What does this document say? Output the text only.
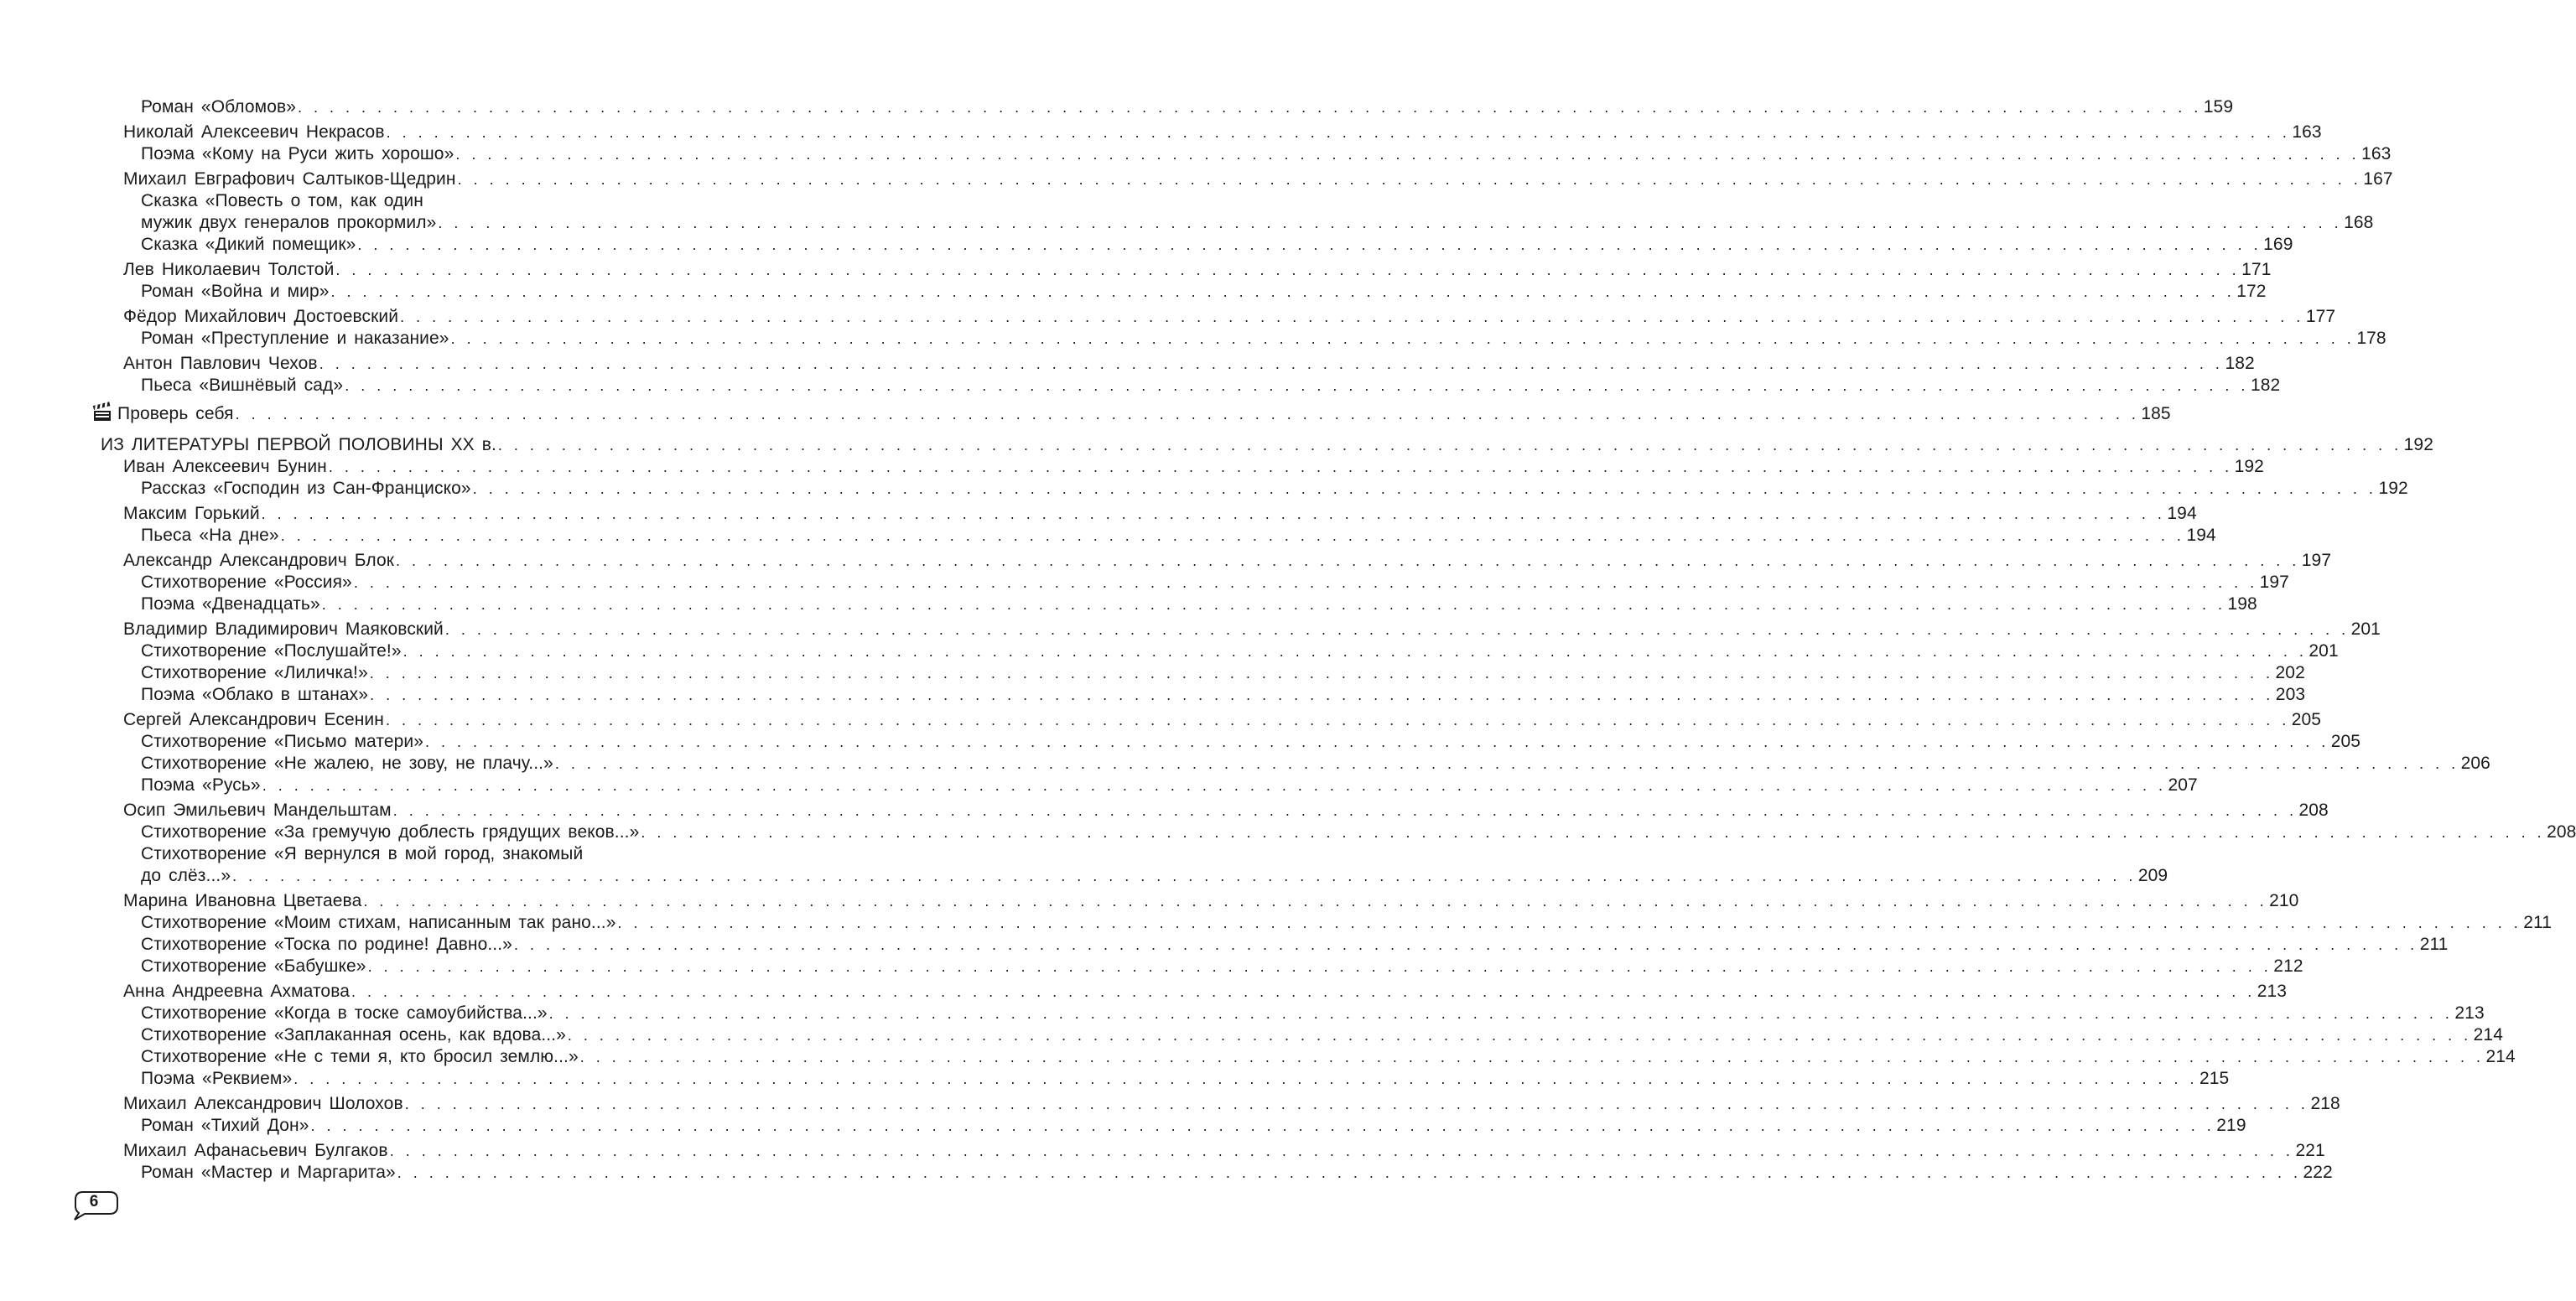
Роман «Обломов» . . . . . . . . . . . . . . . . . . . . . . . . . . . . . . . . . . . . . . . . . . . . . . . . . . . . . . . . . . . . . . . . . . . . . . . . . . . . . . . . . . . . . . . . . . . . . . . . . . . . . . . . . . . . . . . . . . . . . . . . 159
Николай Алексеевич Некрасов . . . . . . . . . . . . . . . . . . . . . . . . . . . . . . . . . . . . . . . . . . . . . . . . . . . . . . . . . . . . . . . . . . . . . . . . . . . . . . . . . . . . . . . . . . . . . . . . . . . . . . . . . . . . . . . . . . . . . . . . 163
Поэма «Кому на Руси жить хорошо» . . . . . . . . . . . . . . . . . . . . . . . . . . . . . . . . . . . . . . . . . . . . . . . . . . . . . . . . . . . . . . . . . . . . . . . . . . . . . . . . . . . . . . . . . . . . . . . . . . . . . . . . . . . . . . . . . . . . . . . . 163
Михаил Евграфович Салтыков-Щедрин . . . . . . . . . . . . . . . . . . . . . . . . . . . . . . . . . . . . . . . . . . . . . . . . . . . . . . . . . . . . . . . . . . . . . . . . . . . . . . . . . . . . . . . . . . . . . . . . . . . . . . . . . . . . . . . . . . . . . . . . 167
Сказка «Повесть о том, как один
мужик двух генералов прокормил» . . . . . . . . . . . . . . . . . . . . . . . . . . . . . . . . . . . . . . . . . . . . . . . . . . . . . . . . . . . . . . . . . . . . . . . . . . . . . . . . . . . . . . . . . . . . . . . . . . . . . . . . . . . . . . . . . . . . . . . . 168
Сказка «Дикий помещик» . . . . . . . . . . . . . . . . . . . . . . . . . . . . . . . . . . . . . . . . . . . . . . . . . . . . . . . . . . . . . . . . . . . . . . . . . . . . . . . . . . . . . . . . . . . . . . . . . . . . . . . . . . . . . . . . . . . . . . . . 169
Лев Николаевич Толстой . . . . . . . . . . . . . . . . . . . . . . . . . . . . . . . . . . . . . . . . . . . . . . . . . . . . . . . . . . . . . . . . . . . . . . . . . . . . . . . . . . . . . . . . . . . . . . . . . . . . . . . . . . . . . . . . . . . . . . . . 171
Роман «Война и мир» . . . . . . . . . . . . . . . . . . . . . . . . . . . . . . . . . . . . . . . . . . . . . . . . . . . . . . . . . . . . . . . . . . . . . . . . . . . . . . . . . . . . . . . . . . . . . . . . . . . . . . . . . . . . . . . . . . . . . . . . 172
Фёдор Михайлович Достоевский . . . . . . . . . . . . . . . . . . . . . . . . . . . . . . . . . . . . . . . . . . . . . . . . . . . . . . . . . . . . . . . . . . . . . . . . . . . . . . . . . . . . . . . . . . . . . . . . . . . . . . . . . . . . . . . . . . . . . . . . 177
Роман «Преступление и наказание» . . . . . . . . . . . . . . . . . . . . . . . . . . . . . . . . . . . . . . . . . . . . . . . . . . . . . . . . . . . . . . . . . . . . . . . . . . . . . . . . . . . . . . . . . . . . . . . . . . . . . . . . . . . . . . . . . . . . . . . . 178
Антон Павлович Чехов . . . . . . . . . . . . . . . . . . . . . . . . . . . . . . . . . . . . . . . . . . . . . . . . . . . . . . . . . . . . . . . . . . . . . . . . . . . . . . . . . . . . . . . . . . . . . . . . . . . . . . . . . . . . . . . . . . . . . . . . 182
Пьеса «Вишнёвый сад» . . . . . . . . . . . . . . . . . . . . . . . . . . . . . . . . . . . . . . . . . . . . . . . . . . . . . . . . . . . . . . . . . . . . . . . . . . . . . . . . . . . . . . . . . . . . . . . . . . . . . . . . . . . . . . . . . . . . . . . . 182
Проверь себя . . . . . . . . . . . . . . . . . . . . . . . . . . . . . . . . . . . . . . . . . . . . . . . . . . . . . . . . . . . . . . . . . . . . . . . . . . . . . . . . . . . . . . . . . . . . . . . . . . . . . . . . . . . . . . . . . . . . . . . . 185
ИЗ ЛИТЕРАТУРЫ ПЕРВОЙ ПОЛОВИНЫ XX в. . . . . . . . . . . . . . . . . . . . . . . . . . . . . . . . . . . . . . . . . . . . . . . . . . . . . . . . . . . . . . . . . . . . . . . . . . . . . . . . . . . . . . . . . . . . . . . . . . . . . . . . . . . . . . . . . . . . . . . . . 192
Иван Алексеевич Бунин . . . . . . . . . . . . . . . . . . . . . . . . . . . . . . . . . . . . . . . . . . . . . . . . . . . . . . . . . . . . . . . . . . . . . . . . . . . . . . . . . . . . . . . . . . . . . . . . . . . . . . . . . . . . . . . . . . . . . . . . 192
Рассказ «Господин из Сан-Франциско» . . . . . . . . . . . . . . . . . . . . . . . . . . . . . . . . . . . . . . . . . . . . . . . . . . . . . . . . . . . . . . . . . . . . . . . . . . . . . . . . . . . . . . . . . . . . . . . . . . . . . . . . . . . . . . . . . . . . . . . . 192
Максим Горький . . . . . . . . . . . . . . . . . . . . . . . . . . . . . . . . . . . . . . . . . . . . . . . . . . . . . . . . . . . . . . . . . . . . . . . . . . . . . . . . . . . . . . . . . . . . . . . . . . . . . . . . . . . . . . . . . . . . . . . . 194
Пьеса «На дне» . . . . . . . . . . . . . . . . . . . . . . . . . . . . . . . . . . . . . . . . . . . . . . . . . . . . . . . . . . . . . . . . . . . . . . . . . . . . . . . . . . . . . . . . . . . . . . . . . . . . . . . . . . . . . . . . . . . . . . . . 194
Александр Александрович Блок . . . . . . . . . . . . . . . . . . . . . . . . . . . . . . . . . . . . . . . . . . . . . . . . . . . . . . . . . . . . . . . . . . . . . . . . . . . . . . . . . . . . . . . . . . . . . . . . . . . . . . . . . . . . . . . . . . . . . . . . 197
Стихотворение «Россия» . . . . . . . . . . . . . . . . . . . . . . . . . . . . . . . . . . . . . . . . . . . . . . . . . . . . . . . . . . . . . . . . . . . . . . . . . . . . . . . . . . . . . . . . . . . . . . . . . . . . . . . . . . . . . . . . . . . . . . . . 197
Поэма «Двенадцать» . . . . . . . . . . . . . . . . . . . . . . . . . . . . . . . . . . . . . . . . . . . . . . . . . . . . . . . . . . . . . . . . . . . . . . . . . . . . . . . . . . . . . . . . . . . . . . . . . . . . . . . . . . . . . . . . . . . . . . . . 198
Владимир Владимирович Маяковский . . . . . . . . . . . . . . . . . . . . . . . . . . . . . . . . . . . . . . . . . . . . . . . . . . . . . . . . . . . . . . . . . . . . . . . . . . . . . . . . . . . . . . . . . . . . . . . . . . . . . . . . . . . . . . . . . . . . . . . . 201
Стихотворение «Послушайте!» . . . . . . . . . . . . . . . . . . . . . . . . . . . . . . . . . . . . . . . . . . . . . . . . . . . . . . . . . . . . . . . . . . . . . . . . . . . . . . . . . . . . . . . . . . . . . . . . . . . . . . . . . . . . . . . . . . . . . . . . 201
Стихотворение «Лиличка!» . . . . . . . . . . . . . . . . . . . . . . . . . . . . . . . . . . . . . . . . . . . . . . . . . . . . . . . . . . . . . . . . . . . . . . . . . . . . . . . . . . . . . . . . . . . . . . . . . . . . . . . . . . . . . . . . . . . . . . . . 202
Поэма «Облако в штанах» . . . . . . . . . . . . . . . . . . . . . . . . . . . . . . . . . . . . . . . . . . . . . . . . . . . . . . . . . . . . . . . . . . . . . . . . . . . . . . . . . . . . . . . . . . . . . . . . . . . . . . . . . . . . . . . . . . . . . . . . 203
Сергей Александрович Есенин . . . . . . . . . . . . . . . . . . . . . . . . . . . . . . . . . . . . . . . . . . . . . . . . . . . . . . . . . . . . . . . . . . . . . . . . . . . . . . . . . . . . . . . . . . . . . . . . . . . . . . . . . . . . . . . . . . . . . . . . 205
Стихотворение «Письмо матери» . . . . . . . . . . . . . . . . . . . . . . . . . . . . . . . . . . . . . . . . . . . . . . . . . . . . . . . . . . . . . . . . . . . . . . . . . . . . . . . . . . . . . . . . . . . . . . . . . . . . . . . . . . . . . . . . . . . . . . . . 205
Стихотворение «Не жалею, не зову, не плачу...» . . . . . . . . . . . . . . . . . . . . . . . . . . . . . . . . . . . . . . . . . . . . . . . . . . . . . . . . . . . . . . . . . . . . . . . . . . . . . . . . . . . . . . . . . . . . . . . . . . . . . . . . . . . . . . . . . . . . . . . . 206
Поэма «Русь» . . . . . . . . . . . . . . . . . . . . . . . . . . . . . . . . . . . . . . . . . . . . . . . . . . . . . . . . . . . . . . . . . . . . . . . . . . . . . . . . . . . . . . . . . . . . . . . . . . . . . . . . . . . . . . . . . . . . . . . . 207
Осип Эмильевич Мандельштам . . . . . . . . . . . . . . . . . . . . . . . . . . . . . . . . . . . . . . . . . . . . . . . . . . . . . . . . . . . . . . . . . . . . . . . . . . . . . . . . . . . . . . . . . . . . . . . . . . . . . . . . . . . . . . . . . . . . . . . . 208
Стихотворение «За гремучую доблесть грядущих веков...» . . . . . . . . . . . . . . . . . . . . . . . . . . . . . . . . . . . . . . . . . . . . . . . . . . . . . . . . . . . . . . . . . . . . . . . . . . . . . . . . . . . . . . . . . . . . . . . . . . . . . . . . . . . . . . . . . . . . . . . . 208
Стихотворение «Я вернулся в мой город, знакомый
до слёз...» . . . . . . . . . . . . . . . . . . . . . . . . . . . . . . . . . . . . . . . . . . . . . . . . . . . . . . . . . . . . . . . . . . . . . . . . . . . . . . . . . . . . . . . . . . . . . . . . . . . . . . . . . . . . . . . . . . . . . . . . 209
Марина Ивановна Цветаева . . . . . . . . . . . . . . . . . . . . . . . . . . . . . . . . . . . . . . . . . . . . . . . . . . . . . . . . . . . . . . . . . . . . . . . . . . . . . . . . . . . . . . . . . . . . . . . . . . . . . . . . . . . . . . . . . . . . . . . . 210
Стихотворение «Моим стихам, написанным так рано...» . . . . . . . . . . . . . . . . . . . . . . . . . . . . . . . . . . . . . . . . . . . . . . . . . . . . . . . . . . . . . . . . . . . . . . . . . . . . . . . . . . . . . . . . . . . . . . . . . . . . . . . . . . . . . . . . . . . . . . . . 211
Стихотворение «Тоска по родине! Давно...» . . . . . . . . . . . . . . . . . . . . . . . . . . . . . . . . . . . . . . . . . . . . . . . . . . . . . . . . . . . . . . . . . . . . . . . . . . . . . . . . . . . . . . . . . . . . . . . . . . . . . . . . . . . . . . . . . . . . . . . . 211
Стихотворение «Бабушке» . . . . . . . . . . . . . . . . . . . . . . . . . . . . . . . . . . . . . . . . . . . . . . . . . . . . . . . . . . . . . . . . . . . . . . . . . . . . . . . . . . . . . . . . . . . . . . . . . . . . . . . . . . . . . . . . . . . . . . . . 212
Анна Андреевна Ахматова . . . . . . . . . . . . . . . . . . . . . . . . . . . . . . . . . . . . . . . . . . . . . . . . . . . . . . . . . . . . . . . . . . . . . . . . . . . . . . . . . . . . . . . . . . . . . . . . . . . . . . . . . . . . . . . . . . . . . . . . 213
Стихотворение «Когда в тоске самоубийства...» . . . . . . . . . . . . . . . . . . . . . . . . . . . . . . . . . . . . . . . . . . . . . . . . . . . . . . . . . . . . . . . . . . . . . . . . . . . . . . . . . . . . . . . . . . . . . . . . . . . . . . . . . . . . . . . . . . . . . . . . 213
Стихотворение «Заплаканная осень, как вдова...» . . . . . . . . . . . . . . . . . . . . . . . . . . . . . . . . . . . . . . . . . . . . . . . . . . . . . . . . . . . . . . . . . . . . . . . . . . . . . . . . . . . . . . . . . . . . . . . . . . . . . . . . . . . . . . . . . . . . . . . . 214
Стихотворение «Не с теми я, кто бросил землю...» . . . . . . . . . . . . . . . . . . . . . . . . . . . . . . . . . . . . . . . . . . . . . . . . . . . . . . . . . . . . . . . . . . . . . . . . . . . . . . . . . . . . . . . . . . . . . . . . . . . . . . . . . . . . . . . . . . . . . . . . 214
Поэма «Реквием» . . . . . . . . . . . . . . . . . . . . . . . . . . . . . . . . . . . . . . . . . . . . . . . . . . . . . . . . . . . . . . . . . . . . . . . . . . . . . . . . . . . . . . . . . . . . . . . . . . . . . . . . . . . . . . . . . . . . . . . . 215
Михаил Александрович Шолохов . . . . . . . . . . . . . . . . . . . . . . . . . . . . . . . . . . . . . . . . . . . . . . . . . . . . . . . . . . . . . . . . . . . . . . . . . . . . . . . . . . . . . . . . . . . . . . . . . . . . . . . . . . . . . . . . . . . . . . . . 218
Роман «Тихий Дон» . . . . . . . . . . . . . . . . . . . . . . . . . . . . . . . . . . . . . . . . . . . . . . . . . . . . . . . . . . . . . . . . . . . . . . . . . . . . . . . . . . . . . . . . . . . . . . . . . . . . . . . . . . . . . . . . . . . . . . . . 219
Михаил Афанасьевич Булгаков . . . . . . . . . . . . . . . . . . . . . . . . . . . . . . . . . . . . . . . . . . . . . . . . . . . . . . . . . . . . . . . . . . . . . . . . . . . . . . . . . . . . . . . . . . . . . . . . . . . . . . . . . . . . . . . . . . . . . . . . 221
Роман «Мастер и Маргарита» . . . . . . . . . . . . . . . . . . . . . . . . . . . . . . . . . . . . . . . . . . . . . . . . . . . . . . . . . . . . . . . . . . . . . . . . . . . . . . . . . . . . . . . . . . . . . . . . . . . . . . . . . . . . . . . . . . . . . . . . 222
6
